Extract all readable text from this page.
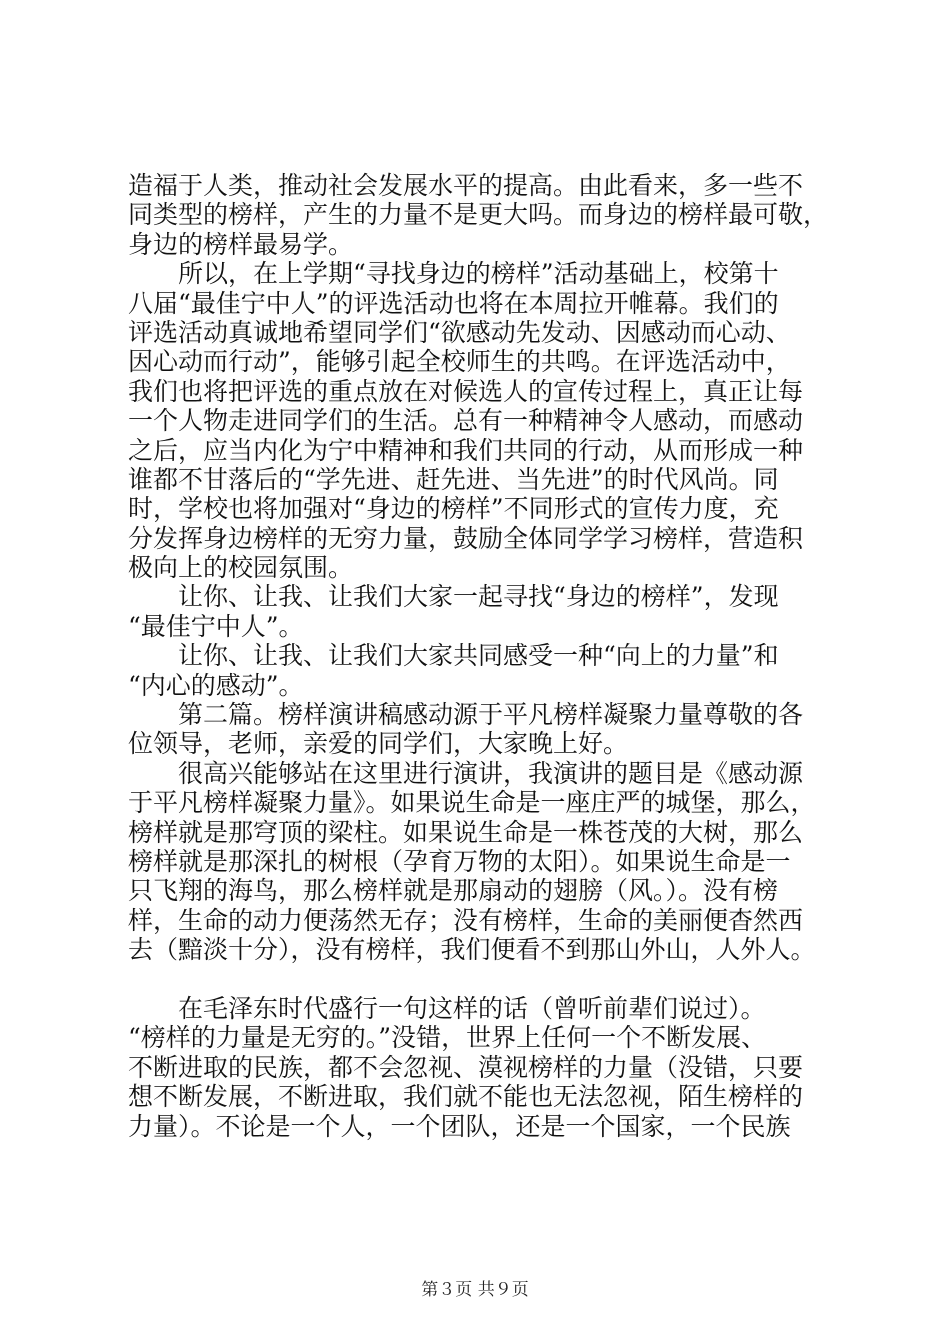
造福于人类，推动社会发展水平的提高。由此看来，多一些不
同类型的榜样，产生的力量不是更大吗。而身边的榜样最可敬，
身边的榜样最易学。
　　所以，在上学期“寻找身边的榜样”活动基础上，校第十
八届“最佳宁中人”的评选活动也将在本周拉开帷幕。我们的
评选活动真诚地希望同学们“欲感动先发动、因感动而心动、
因心动而行动”，能够引起全校师生的共鸣。在评选活动中，
我们也将把评选的重点放在对候选人的宣传过程上，真正让每
一个人物走进同学们的生活。总有一种精神令人感动，而感动
之后，应当内化为宁中精神和我们共同的行动，从而形成一种
谁都不甘落后的“学先进、赶先进、当先进”的时代风尚。同
时，学校也将加强对“身边的榜样”不同形式的宣传力度，充
分发挥身边榜样的无穷力量，鼓励全体同学学习榜样，营造积
极向上的校园氛围。
　　让你、让我、让我们大家一起寻找“身边的榜样”，发现
“最佳宁中人”。
　　让你、让我、让我们大家共同感受一种“向上的力量”和
“内心的感动”。
　　第二篇。榜样演讲稿感动源于平凡榜样凝聚力量尊敬的各
位领导，老师，亲爱的同学们，大家晚上好。
　　很高兴能够站在这里进行演讲，我演讲的题目是《感动源
于平凡榜样凝聚力量》。如果说生命是一座庄严的城堡，那么，
榜样就是那穹顶的梁柱。如果说生命是一株苍茂的大树，那么
榜样就是那深扎的树根（孕育万物的太阳）。如果说生命是一
只飞翔的海鸟，那么榜样就是那扇动的翅膀（风。）。没有榜
样，生命的动力便荡然无存；没有榜样，生命的美丽便杳然西
去（黯淡十分），没有榜样，我们便看不到那山外山，人外人。
　　在毛泽东时代盛行一句这样的话（曾听前辈们说过）。
“榜样的力量是无穷的。”没错，世界上任何一个不断发展、
不断进取的民族，都不会忽视、漠视榜样的力量（没错，只要
想不断发展，不断进取，我们就不能也无法忽视，陌生榜样的
力量）。不论是一个人，一个团队，还是一个国家，一个民族
第３页 共９页
